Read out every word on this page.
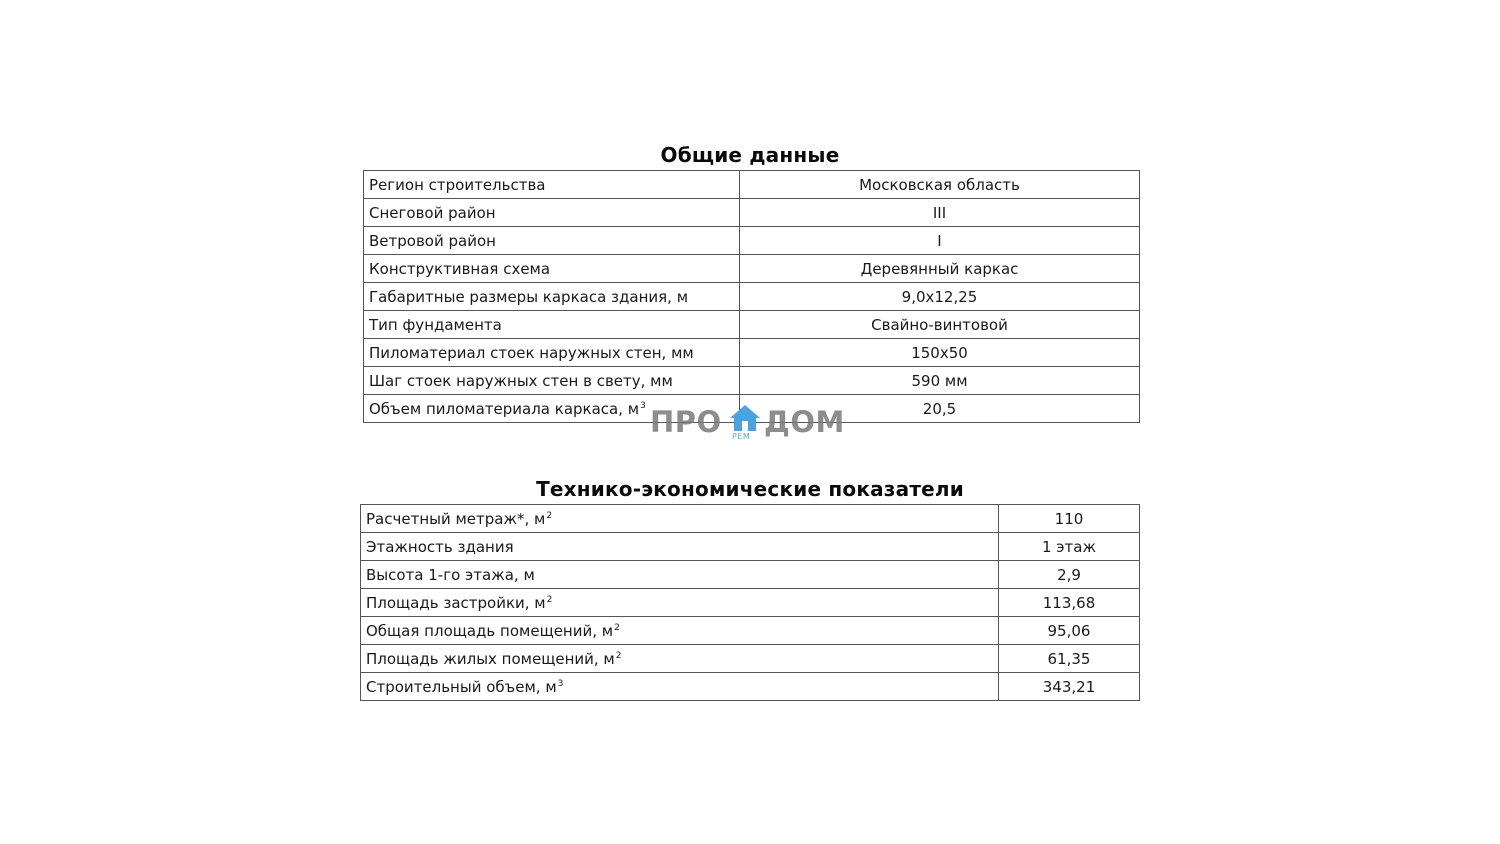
Общие данные
Регион строительства	Московская область
Снеговой район	III
Ветровой район	I
Конструктивная схема	Деревянный каркас
Габаритные размеры каркаса здания, м	9,0x12,25
Тип фундамента	Свайно-винтовой
Пиломатериал стоек наружных стен, мм	150x50
Шаг стоек наружных стен в свету, мм	590 мм
Объем пиломатериала каркаса, $м^3$	20,5
ПРО ДОМ
РЕМ
Технико-экономические показатели
Расчетный метраж*, $м^2$	110
Этажность здания	1 этаж
Высота 1-го этажа, м	2,9
Площадь застройки, $м^2$	113,68
Общая площадь помещений, $м^2$	95,06
Площадь жилых помещений, $м^2$	61,35
Строительный объем, $м^3$	343,21
